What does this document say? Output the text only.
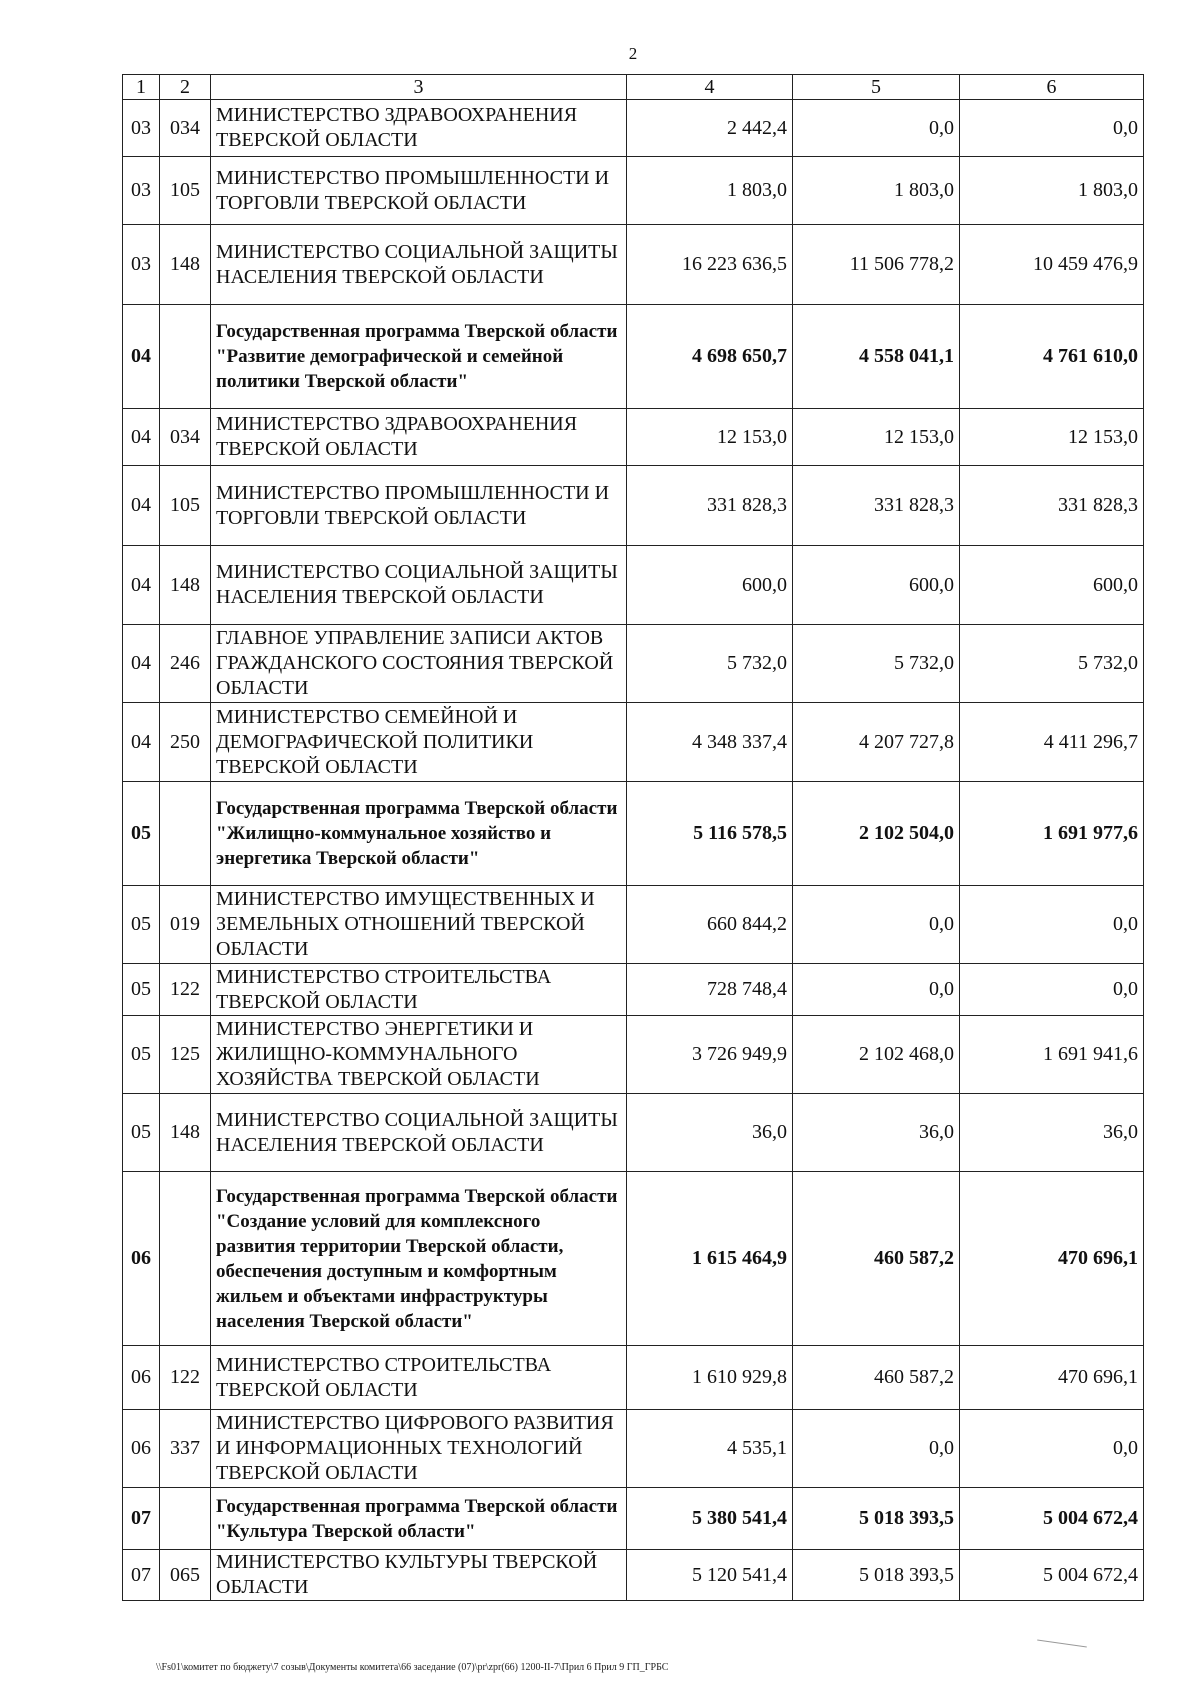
2
1	2	3	4	5	6
03	034	МИНИСТЕРСТВО ЗДРАВООХРАНЕНИЯ ТВЕРСКОЙ ОБЛАСТИ	2 442,4	0,0	0,0
03	105	МИНИСТЕРСТВО ПРОМЫШЛЕННОСТИ И ТОРГОВЛИ ТВЕРСКОЙ ОБЛАСТИ	1 803,0	1 803,0	1 803,0
03	148	МИНИСТЕРСТВО СОЦИАЛЬНОЙ ЗАЩИТЫ НАСЕЛЕНИЯ ТВЕРСКОЙ ОБЛАСТИ	16 223 636,5	11 506 778,2	10 459 476,9
04		Государственная программа Тверской области "Развитие демографической и семейной политики Тверской области"	4 698 650,7	4 558 041,1	4 761 610,0
04	034	МИНИСТЕРСТВО ЗДРАВООХРАНЕНИЯ ТВЕРСКОЙ ОБЛАСТИ	12 153,0	12 153,0	12 153,0
04	105	МИНИСТЕРСТВО ПРОМЫШЛЕННОСТИ И ТОРГОВЛИ ТВЕРСКОЙ ОБЛАСТИ	331 828,3	331 828,3	331 828,3
04	148	МИНИСТЕРСТВО СОЦИАЛЬНОЙ ЗАЩИТЫ НАСЕЛЕНИЯ ТВЕРСКОЙ ОБЛАСТИ	600,0	600,0	600,0
04	246	ГЛАВНОЕ УПРАВЛЕНИЕ ЗАПИСИ АКТОВ ГРАЖДАНСКОГО СОСТОЯНИЯ ТВЕРСКОЙ ОБЛАСТИ	5 732,0	5 732,0	5 732,0
04	250	МИНИСТЕРСТВО СЕМЕЙНОЙ И ДЕМОГРАФИЧЕСКОЙ ПОЛИТИКИ ТВЕРСКОЙ ОБЛАСТИ	4 348 337,4	4 207 727,8	4 411 296,7
05		Государственная программа Тверской области "Жилищно-коммунальное хозяйство и энергетика Тверской области"	5 116 578,5	2 102 504,0	1 691 977,6
05	019	МИНИСТЕРСТВО ИМУЩЕСТВЕННЫХ И ЗЕМЕЛЬНЫХ ОТНОШЕНИЙ ТВЕРСКОЙ ОБЛАСТИ	660 844,2	0,0	0,0
05	122	МИНИСТЕРСТВО СТРОИТЕЛЬСТВА ТВЕРСКОЙ ОБЛАСТИ	728 748,4	0,0	0,0
05	125	МИНИСТЕРСТВО ЭНЕРГЕТИКИ И ЖИЛИЩНО-КОММУНАЛЬНОГО ХОЗЯЙСТВА ТВЕРСКОЙ ОБЛАСТИ	3 726 949,9	2 102 468,0	1 691 941,6
05	148	МИНИСТЕРСТВО СОЦИАЛЬНОЙ ЗАЩИТЫ НАСЕЛЕНИЯ ТВЕРСКОЙ ОБЛАСТИ	36,0	36,0	36,0
06		Государственная программа Тверской области "Создание условий для комплексного развития территории Тверской области, обеспечения доступным и комфортным жильем и объектами инфраструктуры населения Тверской области"	1 615 464,9	460 587,2	470 696,1
06	122	МИНИСТЕРСТВО СТРОИТЕЛЬСТВА ТВЕРСКОЙ ОБЛАСТИ	1 610 929,8	460 587,2	470 696,1
06	337	МИНИСТЕРСТВО ЦИФРОВОГО РАЗВИТИЯ И ИНФОРМАЦИОННЫХ ТЕХНОЛОГИЙ ТВЕРСКОЙ ОБЛАСТИ	4 535,1	0,0	0,0
07		Государственная программа Тверской области "Культура Тверской области"	5 380 541,4	5 018 393,5	5 004 672,4
07	065	МИНИСТЕРСТВО КУЛЬТУРЫ ТВЕРСКОЙ ОБЛАСТИ	5 120 541,4	5 018 393,5	5 004 672,4
\\Fs01\комитет по бюджету\7 созыв\Документы комитета\66 заседание (07)\pr\zpr(66) 1200-II-7\Прил 6 Прил 9 ГП_ГРБС
